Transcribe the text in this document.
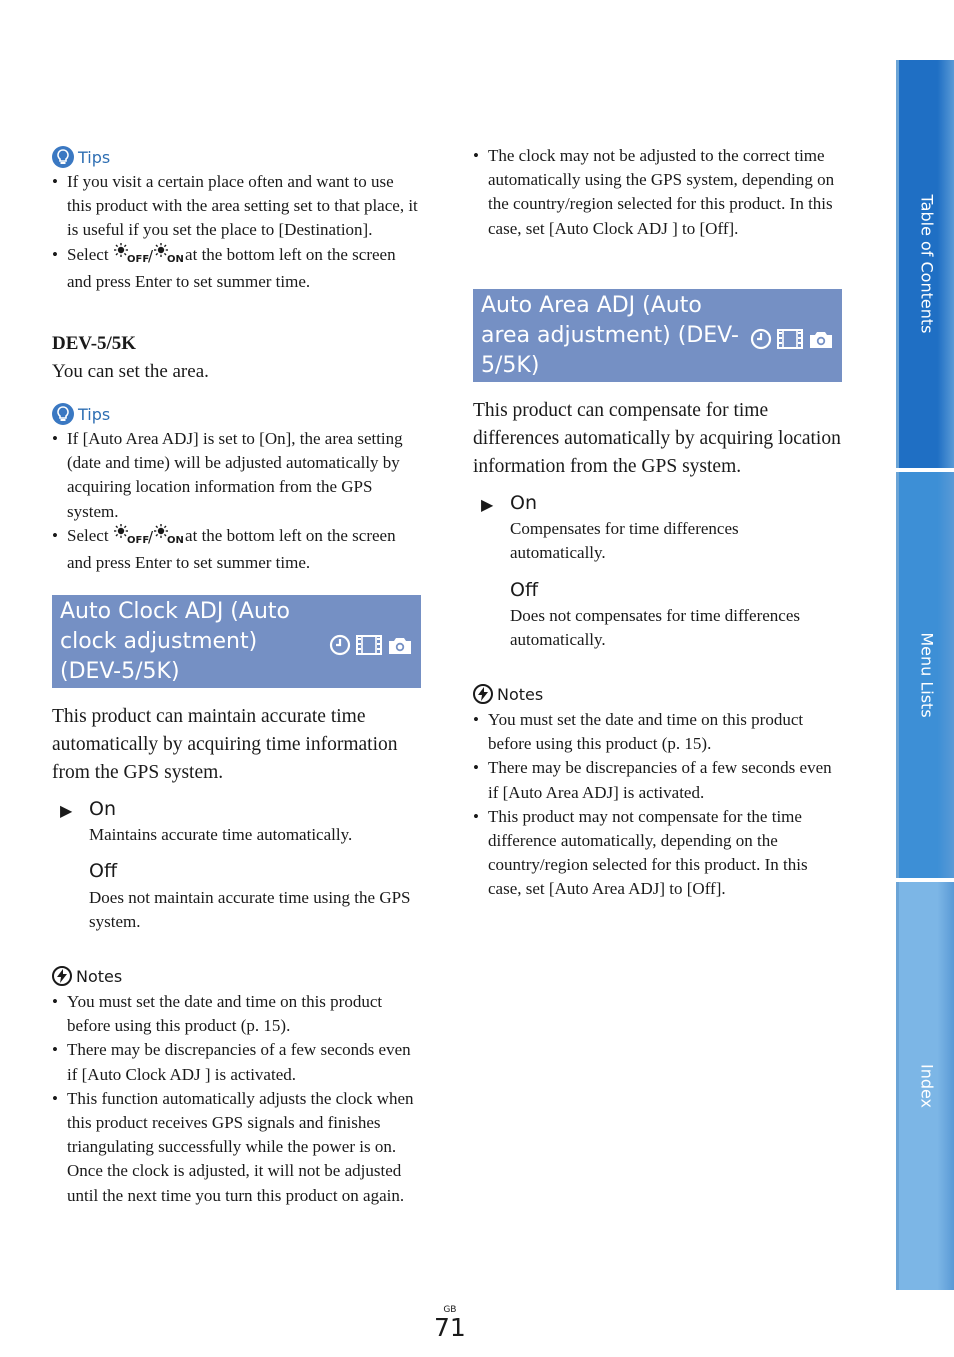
Tips
• If you visit a certain place often and want to use this product with the area setting set to that place, it is useful if you set the place to [Destination].
• Select OFF
/ ON
at the bottom left on the screen and press Enter to set summer time.
DEV-5/5K
You can set the area.
Tips
• If [Auto Area ADJ] is set to [On], the area setting (date and time) will be adjusted automatically by acquiring location information from the GPS system.
• Select OFF
/ ON
at the bottom left on the screen and press Enter to set summer time.
Auto Clock ADJ (Auto clock adjustment) (DEV-5/5K)
This product can maintain accurate time automatically by acquiring time information from the GPS system.
▶ On
Maintains accurate time automatically.
Off
Does not maintain accurate time using the GPS system.
Notes
• You must set the date and time on this product before using this product (p. 15).
• There may be discrepancies of a few seconds even if [Auto Clock ADJ ] is activated.
• This function automatically adjusts the clock when this product receives GPS signals and finishes triangulating successfully while the power is on. Once the clock is adjusted, it will not be adjusted until the next time you turn this product on again.
• The clock may not be adjusted to the correct time automatically using the GPS system, depending on the country/region selected for this product. In this case, set [Auto Clock ADJ ] to [Off].
Auto Area ADJ (Auto area adjustment) (DEV-5/5K)
This product can compensate for time differences automatically by acquiring location information from the GPS system.
▶ On
Compensates for time differences automatically.
Off
Does not compensates for time differences automatically.
Notes
• You must set the date and time on this product before using this product (p. 15).
• There may be discrepancies of a few seconds even if [Auto Area ADJ] is activated.
• This product may not compensate for the time difference automatically, depending on the country/region selected for this product. In this case, set [Auto Area ADJ] to [Off].
Table of Contents
Menu Lists
Index
GB
71
